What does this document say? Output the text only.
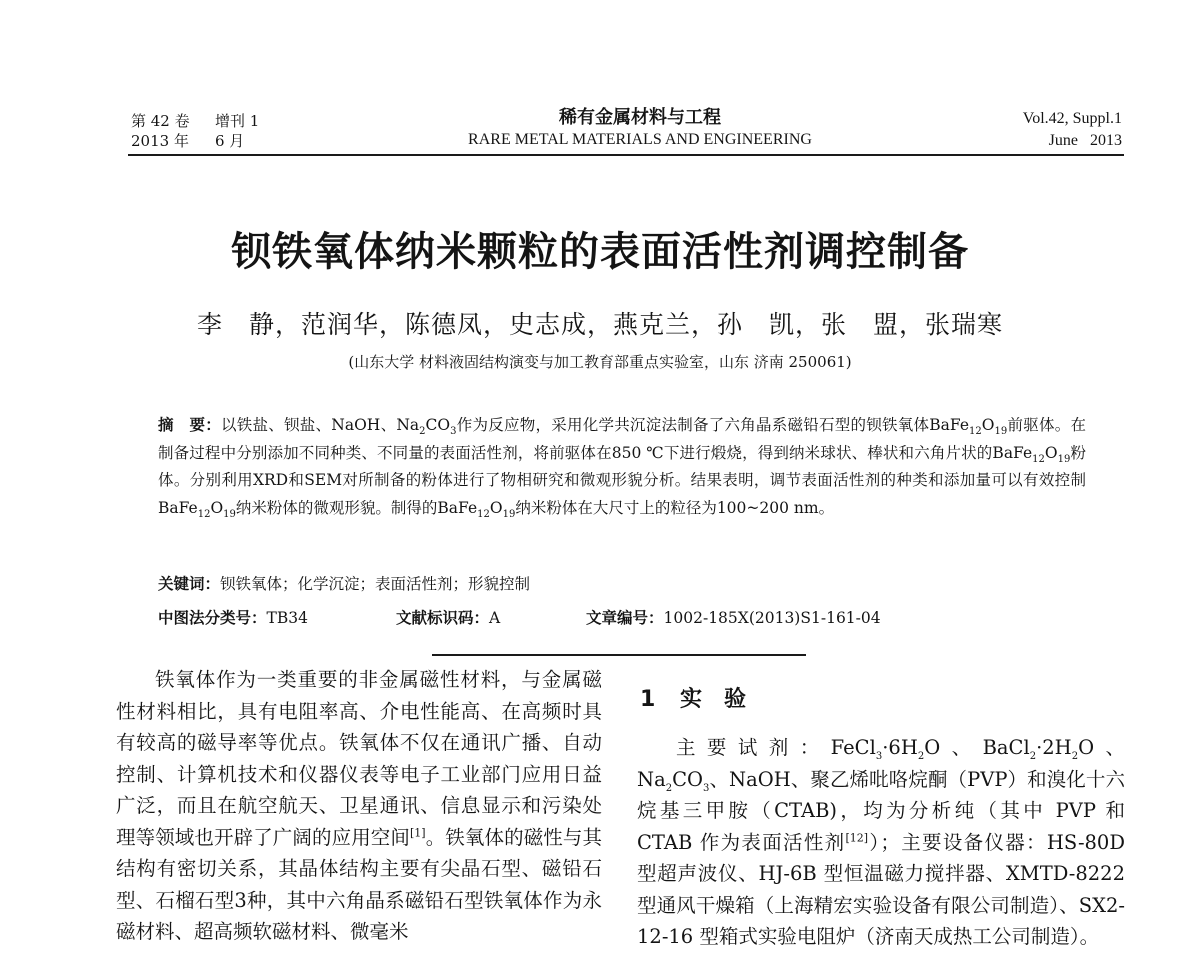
第 42 卷 增刊 1
2013 年 6 月
稀有金属材料与工程
RARE METAL MATERIALS AND ENGINEERING
Vol.42, Suppl.1
June   2013
钡铁氧体纳米颗粒的表面活性剂调控制备
李　静，范润华，陈德凤，史志成，燕克兰，孙　凯，张　盟，张瑞寒
(山东大学 材料液固结构演变与加工教育部重点实验室，山东 济南 250061)
摘　要：以铁盐、钡盐、NaOH、$Na_2CO_3$作为反应物，采用化学共沉淀法制备了六角晶系磁铅石型的钡铁氧体$BaFe_{12}O_{19}$前驱体。在制备过程中分别添加不同种类、不同量的表面活性剂，将前驱体在850 ℃下进行煅烧，得到纳米球状、棒状和六角片状的$BaFe_{12}O_{19}$粉体。分别利用XRD和SEM对所制备的粉体进行了物相研究和微观形貌分析。结果表明，调节表面活性剂的种类和添加量可以有效控制$BaFe_{12}O_{19}$纳米粉体的微观形貌。制得的$BaFe_{12}O_{19}$纳米粉体在大尺寸上的粒径为100~200 nm。
关键词：钡铁氧体；化学沉淀；表面活性剂；形貌控制
中图法分类号：TB34	文献标识码：A	文章编号：1002-185X(2013)S1-161-04
铁氧体作为一类重要的非金属磁性材料，与金属磁性材料相比，具有电阻率高、介电性能高、在高频时具有较高的磁导率等优点。铁氧体不仅在通讯广播、自动控制、计算机技术和仪器仪表等电子工业部门应用日益广泛，而且在航空航天、卫星通讯、信息显示和污染处理等领域也开辟了广阔的应用空间[1]。铁氧体的磁性与其结构有密切关系，其晶体结构主要有尖晶石型、磁铅石型、石榴石型3种，其中六角晶系磁铅石型铁氧体作为永磁材料、超高频软磁材料、微毫米
1 实　验
主要试剂：$FeCl_3\cdot 6H_2O$、$BaCl_2\cdot 2H_2O$、$Na_2CO_3$、NaOH、聚乙烯吡咯烷酮（PVP）和溴化十六烷基三甲胺（CTAB)，均为分析纯（其中 PVP 和 CTAB 作为表面活性剂[12]）；主要设备仪器：HS-80D 型超声波仪、HJ-6B 型恒温磁力搅拌器、XMTD-8222 型通风干燥箱（上海精宏实验设备有限公司制造）、SX2-12-16 型箱式实验电阻炉（济南天成热工公司制造）。
